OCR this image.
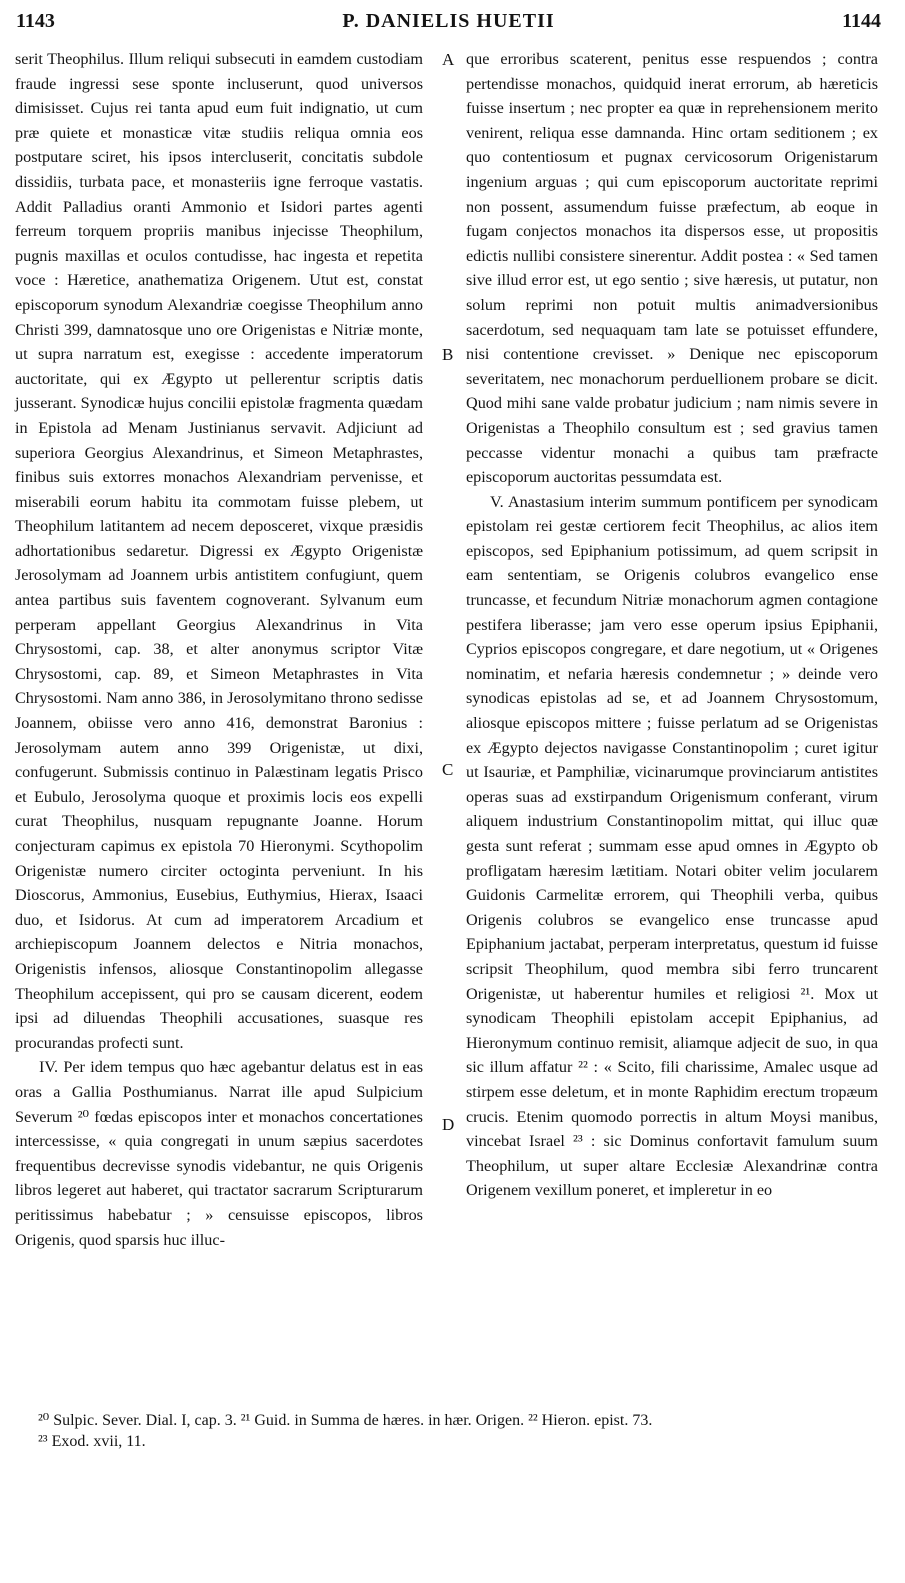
1143	P. DANIELIS HUETII	1144
A
B
C
D

serit Theophilus. Illum reliqui subsecuti in eamdem custodiam fraude ingressi sese sponte incluserunt, quod universos dimisisset. Cujus rei tanta apud eum fuit indignatio, ut cum præ quiete et monasticæ vitæ studiis reliqua omnia eos postputare sciret, his ipsos intercluserit, concitatis subdole dissidiis, turbata pace, et monasteriis igne ferroque vastatis. Addit Palladius oranti Ammonio et Isidori partes agenti ferreum torquem propriis manibus injecisse Theophilum, pugnis maxillas et oculos contudisse, hac ingesta et repetita voce : Hæretice, anathematiza Origenem. Utut est, constat episcoporum synodum Alexandriæ coegisse Theophilum anno Christi 399, damnatosque uno ore Origenistas e Nitriæ monte, ut supra narratum est, exegisse : accedente imperatorum auctoritate, qui ex Ægypto ut pellerentur scriptis datis jusserant. Synodicæ hujus concilii epistolæ fragmenta quædam in Epistola ad Menam Justinianus servavit. Adjiciunt ad superiora Georgius Alexandrinus, et Simeon Metaphrastes, finibus suis extorres monachos Alexandriam pervenisse, et miserabili eorum habitu ita commotam fuisse plebem, ut Theophilum latitantem ad necem deposceret, vixque præsidis adhortationibus sedaretur. Digressi ex Ægypto Origenistæ Jerosolymam ad Joannem urbis antistitem confugiunt, quem antea partibus suis faventem cognoverant. Sylvanum eum perperam appellant Georgius Alexandrinus in Vita Chrysostomi, cap. 38, et alter anonymus scriptor Vitæ Chrysostomi, cap. 89, et Simeon Metaphrastes in Vita Chrysostomi. Nam anno 386, in Jerosolymitano throno sedisse Joannem, obiisse vero anno 416, demonstrat Baronius : Jerosolymam autem anno 399 Origenistæ, ut dixi, confugerunt. Submissis continuo in Palæstinam legatis Prisco et Eubulo, Jerosolyma quoque et proximis locis eos expelli curat Theophilus, nusquam repugnante Joanne. Horum conjecturam capimus ex epistola 70 Hieronymi. Scythopolim Origenistæ numero circiter octoginta perveniunt. In his Dioscorus, Ammonius, Eusebius, Euthymius, Hierax, Isaaci duo, et Isidorus. At cum ad imperatorem Arcadium et archiepiscopum Joannem delectos e Nitria monachos, Origenistis infensos, aliosque Constantinopolim allegasse Theophilum accepissent, qui pro se causam dicerent, eodem ipsi ad diluendas Theophili accusationes, suasque res procurandas profecti sunt.

IV. Per idem tempus quo hæc agebantur delatus est in eas oras a Gallia Posthumianus. Narrat ille apud Sulpicium Severum ²⁰ fœdas episcopos inter et monachos concertationes intercessisse, « quia congregati in unum sæpius sacerdotes frequentibus decrevisse synodis videbantur, ne quis Origenis libros legeret aut haberet, qui tractator sacrarum Scripturarum peritissimus habebatur ; » censuisse episcopos, libros Origenis, quod sparsis huc illuc-

que erroribus scaterent, penitus esse respuendos ; contra pertendisse monachos, quidquid inerat errorum, ab hæreticis fuisse insertum ; nec propter ea quæ in reprehensionem merito venirent, reliqua esse damnanda. Hinc ortam seditionem ; ex quo contentiosum et pugnax cervicosorum Origenistarum ingenium arguas ; qui cum episcoporum auctoritate reprimi non possent, assumendum fuisse præfectum, ab eoque in fugam conjectos monachos ita dispersos esse, ut propositis edictis nullibi consistere sinerentur. Addit postea : « Sed tamen sive illud error est, ut ego sentio ; sive hæresis, ut putatur, non solum reprimi non potuit multis animadversionibus sacerdotum, sed nequaquam tam late se potuisset effundere, nisi contentione crevisset. » Denique nec episcoporum severitatem, nec monachorum perduellionem probare se dicit. Quod mihi sane valde probatur judicium ; nam nimis severe in Origenistas a Theophilo consultum est ; sed gravius tamen peccasse videntur monachi a quibus tam præfracte episcoporum auctoritas pessumdata est.

V. Anastasium interim summum pontificem per synodicam epistolam rei gestæ certiorem fecit Theophilus, ac alios item episcopos, sed Epiphanium potissimum, ad quem scripsit in eam sententiam, se Origenis colubros evangelico ense truncasse, et fecundum Nitriæ monachorum agmen contagione pestifera liberasse; jam vero esse operum ipsius Epiphanii, Cyprios episcopos congregare, et dare negotium, ut « Origenes nominatim, et nefaria hæresis condemnetur ; » deinde vero synodicas epistolas ad se, et ad Joannem Chrysostomum, aliosque episcopos mittere ; fuisse perlatum ad se Origenistas ex Ægypto dejectos navigasse Constantinopolim ; curet igitur ut Isauriæ, et Pamphiliæ, vicinarumque provinciarum antistites operas suas ad exstirpandum Origenismum conferant, virum aliquem industrium Constantinopolim mittat, qui illuc quæ gesta sunt referat ; summam esse apud omnes in Ægypto ob profligatam hæresim lætitiam. Notari obiter velim jocularem Guidonis Carmelitæ errorem, qui Theophili verba, quibus Origenis colubros se evangelico ense truncasse apud Epiphanium jactabat, perperam interpretatus, questum id fuisse scripsit Theophilum, quod membra sibi ferro truncarent Origenistæ, ut haberentur humiles et religiosi ²¹. Mox ut synodicam Theophili epistolam accepit Epiphanius, ad Hieronymum continuo remisit, aliamque adjecit de suo, in qua sic illum affatur ²² : « Scito, fili charissime, Amalec usque ad stirpem esse deletum, et in monte Raphidim erectum tropæum crucis. Etenim quomodo porrectis in altum Moysi manibus, vincebat Israel ²³ : sic Dominus confortavit famulum suum Theophilum, ut super altare Ecclesiæ Alexandrinæ contra Origenem vexillum poneret, et impleretur in eo

²⁰ Sulpic. Sever. Dial. I, cap. 3. ²¹ Guid. in Summa de hæres. in hær. Origen. ²² Hieron. epist. 73.
²³ Exod. xvii, 11.
